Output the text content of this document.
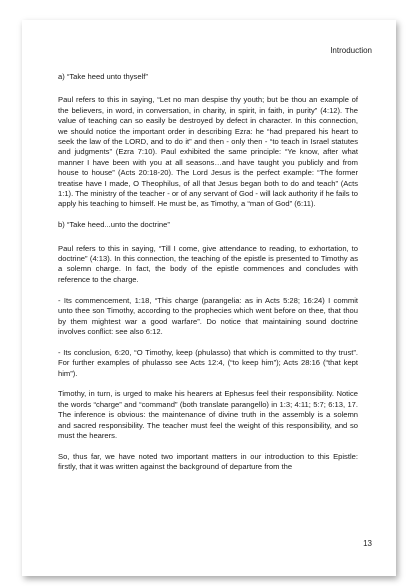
Introduction

a) “Take heed unto thyself”

Paul refers to this in saying, “Let no man despise thy youth; but be thou an example of the believers, in word, in conversation, in charity, in spirit, in faith, in purity” (4:12). The value of teaching can so easily be destroyed by defect in character. In this connection, we should notice the important order in describing Ezra: he “had prepared his heart to seek the law of the LORD, and to do it” and then - only then - “to teach in Israel statutes and judgments” (Ezra 7:10). Paul exhibited the same principle: “Ye know, after what manner I have been with you at all seasons…and have taught you publicly and from house to house” (Acts 20:18-20). The Lord Jesus is the perfect example: “The former treatise have I made, O Theophilus, of all that Jesus began both to do and teach” (Acts 1:1). The ministry of the teacher - or of any servant of God - will lack authority if he fails to apply his teaching to himself. He must be, as Timothy, a “man of God” (6:11).

b) “Take heed...unto the doctrine”

Paul refers to this in saying, “Till I come, give attendance to reading, to exhortation, to doctrine” (4:13). In this connection, the teaching of the epistle is presented to Timothy as a solemn charge. In fact, the body of the epistle commences and concludes with reference to the charge.

- Its commencement, 1:18, “This charge (parangelia: as in Acts 5:28; 16:24) I commit unto thee son Timothy, according to the prophecies which went before on thee, that thou by them mightest war a good warfare”. Do notice that maintaining sound doctrine involves conflict: see also 6:12.

- Its conclusion, 6:20, “O Timothy, keep (phulasso) that which is committed to thy trust”. For further examples of phulasso see Acts 12:4, (“to keep him”); Acts 28:16 (“that kept him”).

Timothy, in turn, is urged to make his hearers at Ephesus feel their responsibility. Notice the words “charge” and “command” (both translate parangello) in 1:3; 4:11; 5:7; 6:13, 17. The inference is obvious: the maintenance of divine truth in the assembly is a solemn and sacred responsibility. The teacher must feel the weight of this responsibility, and so must the hearers.

So, thus far, we have noted two important matters in our introduction to this Epistle: firstly, that it was written against the background of departure from the

13
